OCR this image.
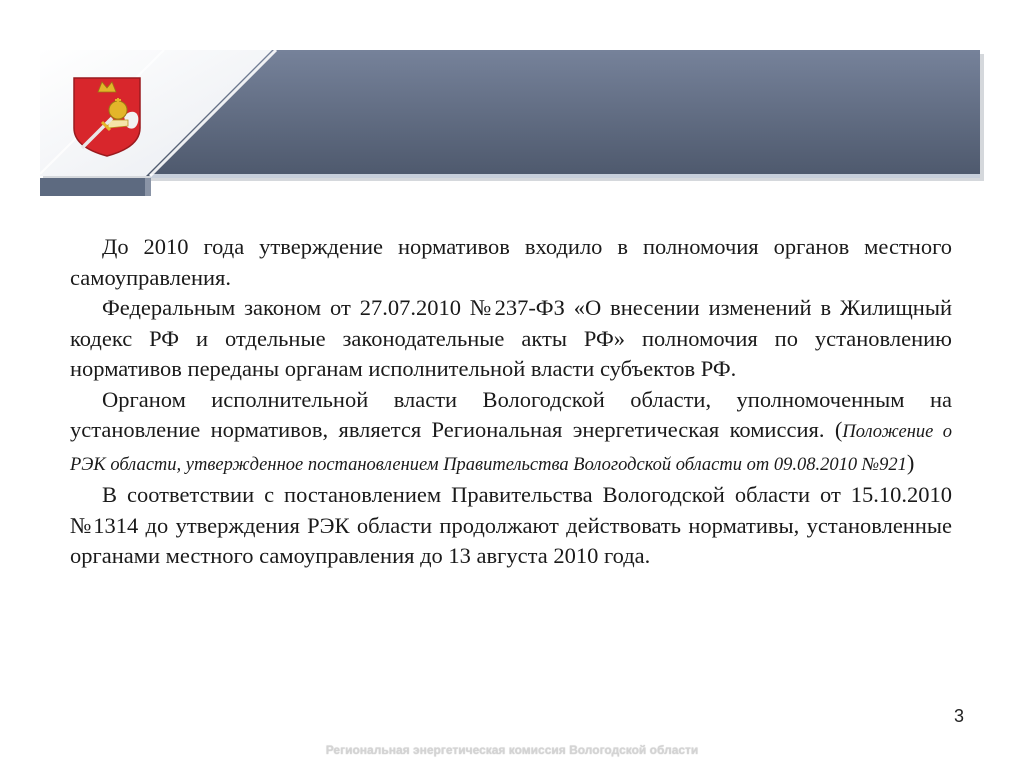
До 2010 года утверждение нормативов входило в полномочия органов местного самоуправления.

Федеральным законом от 27.07.2010 №237-ФЗ «О внесении изменений в Жилищный кодекс РФ и отдельные законодательные акты РФ» полномочия по установлению нормативов переданы органам исполнительной власти субъектов РФ.

Органом исполнительной власти Вологодской области, уполномоченным на установление нормативов, является Региональная энергетическая комиссия. (Положение о РЭК области, утвержденное постановлением Правительства Вологодской области от 09.08.2010 №921)

В соответствии с постановлением Правительства Вологодской области от 15.10.2010 №1314 до утверждения РЭК области продолжают действовать нормативы, установленные органами местного самоуправления до 13 августа 2010 года.

3
Региональная энергетическая комиссия Вологодской области
